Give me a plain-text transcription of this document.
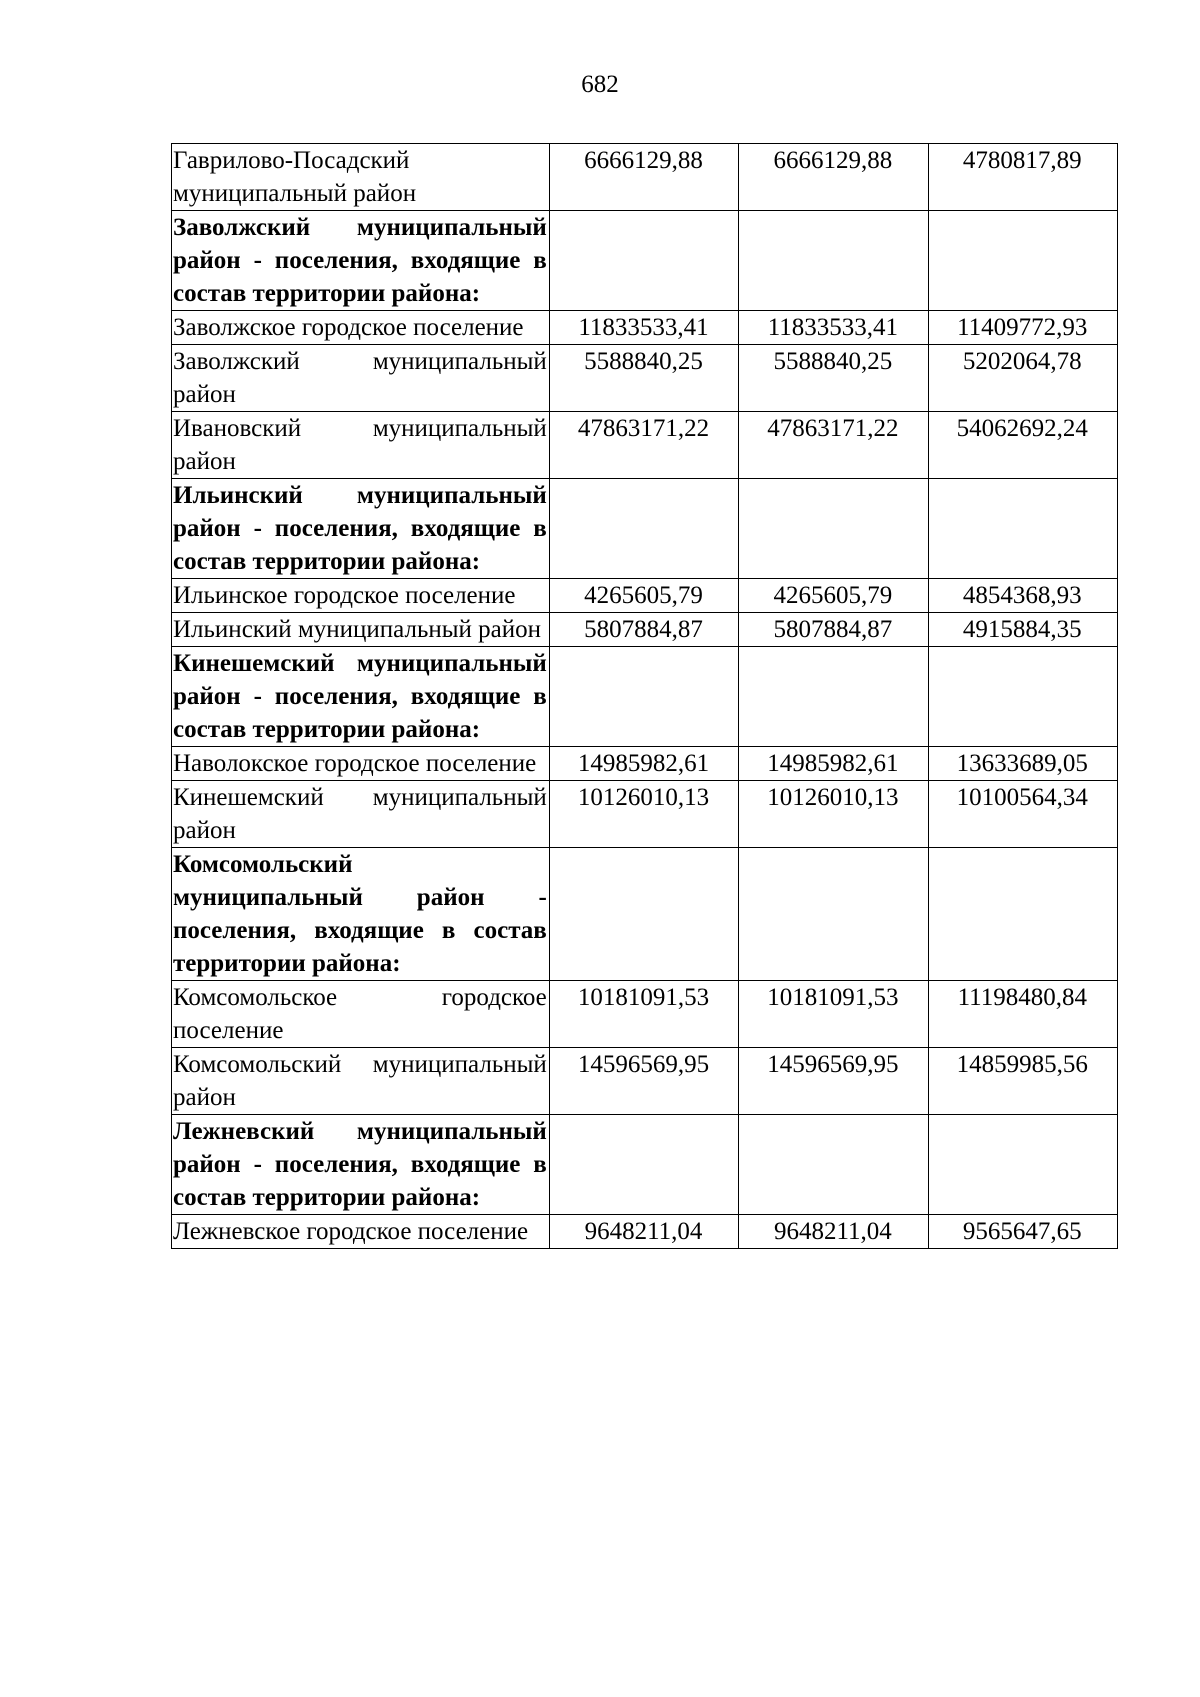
682
Гаврилово-Посадский муниципальный район	6666129,88	6666129,88	4780817,89
Заволжский муниципальный район - поселения, входящие в состав территории района:			
Заволжское городское поселение	11833533,41	11833533,41	11409772,93
Заволжский муниципальный район	5588840,25	5588840,25	5202064,78
Ивановский муниципальный район	47863171,22	47863171,22	54062692,24
Ильинский муниципальный район - поселения, входящие в состав территории района:			
Ильинское городское поселение	4265605,79	4265605,79	4854368,93
Ильинский муниципальный район	5807884,87	5807884,87	4915884,35
Кинешемский муниципальный район - поселения, входящие в состав территории района:			
Наволокское городское поселение	14985982,61	14985982,61	13633689,05
Кинешемский муниципальный район	10126010,13	10126010,13	10100564,34
Комсомольский муниципальный район - поселения, входящие в состав территории района:			
Комсомольское городское поселение	10181091,53	10181091,53	11198480,84
Комсомольский муниципальный район	14596569,95	14596569,95	14859985,56
Лежневский муниципальный район - поселения, входящие в состав территории района:			
Лежневское городское поселение	9648211,04	9648211,04	9565647,65
